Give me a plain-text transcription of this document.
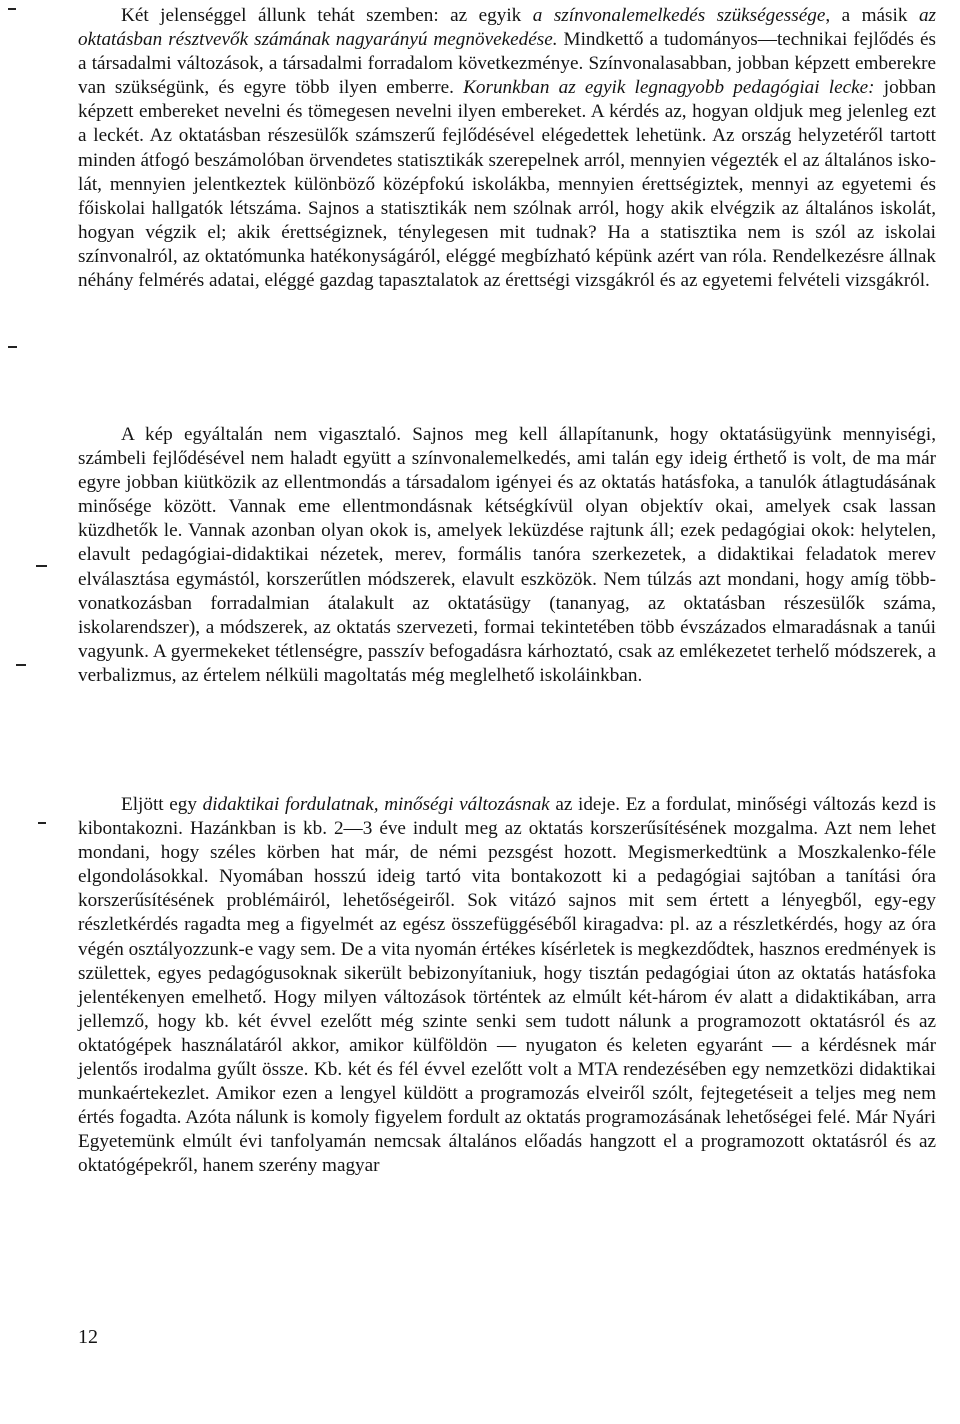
Két jelenséggel állunk tehát szemben: az egyik a színvonalemelkedés szükségessége, a másik az oktatásban résztvevők számának nagyarányú megnövekedése. Mindkettő a tudományos—technikai fejlődés és a társadalmi változások, a társadalmi forradalom következménye. Színvonalasabban, jobban képzett emberekre van szükségünk, és egyre több ilyen emberre. Korunkban az egyik legnagyobb pedagógiai lecke: jobban képzett embereket nevelni és tömegesen nevelni ilyen embereket. A kérdés az, hogyan oldjuk meg jelenleg ezt a leckét. Az oktatásban részesülők számszerű fejlődésével elégedettek lehetünk. Az ország helyzetéről tartott minden átfogó beszámolóban örvendetes statisztikák szerepelnek arról, mennyien végezték el az általános iskolát, mennyien jelentkeztek különböző középfokú iskolákba, mennyien érettségiztek, mennyi az egyetemi és főiskolai hallgatók létszáma. Sajnos a statisztikák nem szólnak arról, hogy akik elvégzik az általános iskolát, hogyan végzik el; akik érettségiznek, ténylegesen mit tudnak? Ha a statisztika nem is szól az iskolai színvonalról, az oktatómunka hatékonyságáról, eléggé megbízható képünk azért van róla. Rendelkezésre állnak néhány felmérés adatai, eléggé gazdag tapasztalatok az érettségi vizsgákról és az egyetemi felvételi vizsgákról.

A kép egyáltalán nem vigasztaló. Sajnos meg kell állapítanunk, hogy oktatásügyünk mennyiségi, számbeli fejlődésével nem haladt együtt a színvonalemelkedés, ami talán egy ideig érthető is volt, de ma már egyre jobban kiütközik az ellentmondás a társadalom igényei és az oktatás hatásfoka, a tanulók átlagtudásának minősége között. Vannak eme ellentmondásnak kétségkívül olyan objektív okai, amelyek csak lassan küzdhetők le. Vannak azonban olyan okok is, amelyek leküzdése rajtunk áll; ezek pedagógiai okok: helytelen, elavult pedagógiai-didaktikai nézetek, merev, formális tanóra szerkezetek, a didaktikai feladatok merev elválasztása egymástól, korszerűtlen módszerek, elavult eszközök. Nem túlzás azt mondani, hogy amíg több vonatkozásban forradalmian átalakult az oktatásügy (tananyag, az oktatásban részesülők száma, iskolarendszer), a módszerek, az oktatás szervezeti, formai tekintetében több évszázados elmaradásnak a tanúi vagyunk. A gyermekeket tétlenségre, passzív befogadásra kárhoztató, csak az emlékezetet terhelő módszerek, a verbalizmus, az értelem nélküli magoltatás még meglelhető iskoláinkban.

Eljött egy didaktikai fordulatnak, minőségi változásnak az ideje. Ez a fordulat, minőségi változás kezd is kibontakozni. Hazánkban is kb. 2—3 éve indult meg az oktatás korszerűsítésének mozgalma. Azt nem lehet mondani, hogy széles körben hat már, de némi pezsgést hozott. Megismerkedtünk a Moszkalenko-féle elgondolásokkal. Nyomában hosszú ideig tartó vita bontakozott ki a pedagógiai sajtóban a tanítási óra korszerűsítésének problémáiról, lehetőségeiről. Sok vitázó sajnos mit sem értett a lényegből, egy-egy részletkérdés ragadta meg a figyelmét az egész összefüggéséből kiragadva: pl. az a részletkérdés, hogy az óra végén osztályozzunk-e vagy sem. De a vita nyomán értékes kísérletek is megkezdődtek, hasznos eredmények is születtek, egyes pedagógusoknak sikerült bebizonyítaniuk, hogy tisztán pedagógiai úton az oktatás hatásfoka jelentékenyen emelhető. Hogy milyen változások történtek az elmúlt két-három év alatt a didaktikában, arra jellemző, hogy kb. két évvel ezelőtt még szinte senki sem tudott nálunk a programozott oktatásról és az oktatógépek használatáról akkor, amikor külföldön — nyugaton és keleten egyaránt — a kérdésnek már jelentős irodalma gyűlt össze. Kb. két és fél évvel ezelőtt volt a MTA rendezésében egy nemzetközi didaktikai munkaértekezlet. Amikor ezen a lengyel küldött a programozás elveiről szólt, fejtegetéseit a teljes meg nem értés fogadta. Azóta nálunk is komoly figyelem fordult az oktatás programozásának lehetőségei felé. Már Nyári Egyetemünk elmúlt évi tanfolyamán nemcsak általános előadás hangzott el a programozott oktatásról és az oktatógépekről, hanem szerény magyar

12
